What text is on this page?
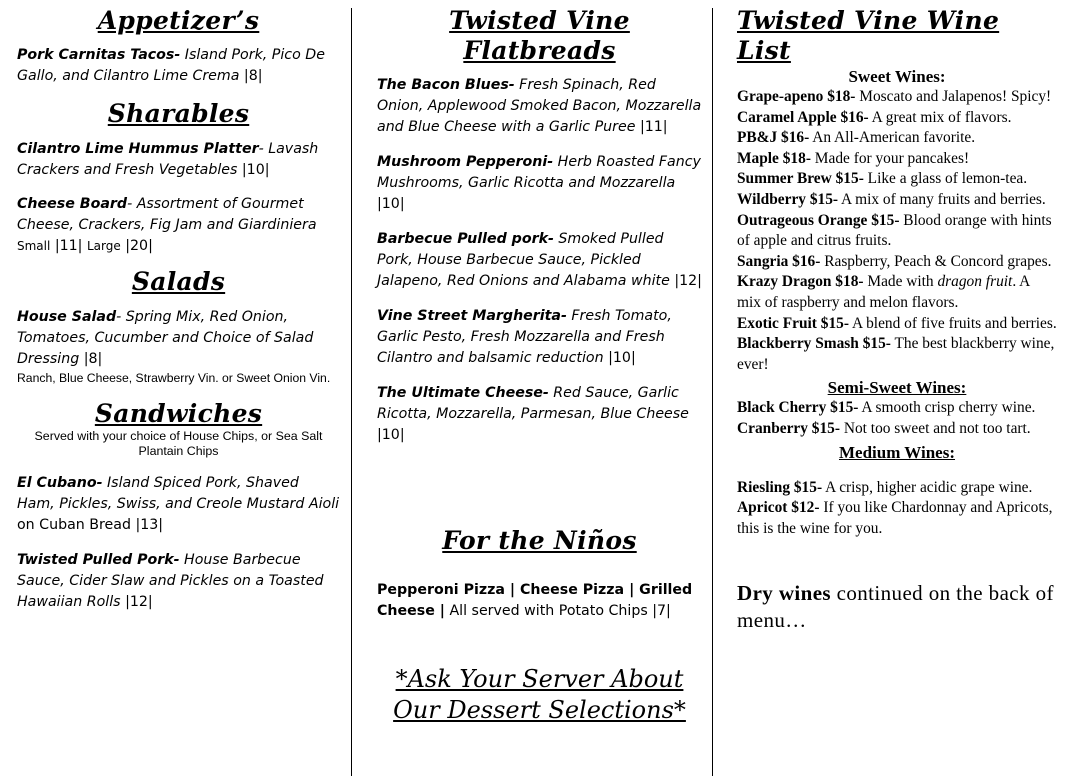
Appetizer’s

Pork Carnitas Tacos- Island Pork, Pico De Gallo, and Cilantro Lime Crema |8|

Sharables

Cilantro Lime Hummus Platter- Lavash Crackers and Fresh Vegetables |10|

Cheese Board- Assortment of Gourmet Cheese, Crackers, Fig Jam and Giardiniera
Small |11| Large |20|

Salads

House Salad- Spring Mix, Red Onion, Tomatoes, Cucumber and Choice of Salad Dressing |8|

Ranch, Blue Cheese, Strawberry Vin. or Sweet Onion Vin.

Sandwiches

Served with your choice of House Chips, or Sea Salt Plantain Chips

El Cubano- Island Spiced Pork, Shaved Ham, Pickles, Swiss, and Creole Mustard Aioli on Cuban Bread |13|

Twisted Pulled Pork- House Barbecue Sauce, Cider Slaw and Pickles on a Toasted Hawaiian Rolls |12|

Twisted Vine Flatbreads

The Bacon Blues- Fresh Spinach, Red Onion, Applewood Smoked Bacon, Mozzarella and Blue Cheese with a Garlic Puree |11|

Mushroom Pepperoni- Herb Roasted Fancy Mushrooms, Garlic Ricotta and Mozzarella |10|

Barbecue Pulled pork- Smoked Pulled Pork, House Barbecue Sauce, Pickled Jalapeno, Red Onions and Alabama white |12|

Vine Street Margherita- Fresh Tomato, Garlic Pesto, Fresh Mozzarella and Fresh Cilantro and balsamic reduction |10|

The Ultimate Cheese- Red Sauce, Garlic Ricotta, Mozzarella, Parmesan, Blue Cheese |10|

For the Niños

Pepperoni Pizza | Cheese Pizza | Grilled Cheese | All served with Potato Chips |7|

*Ask Your Server About

Our Dessert Selections*

Twisted Vine Wine List

Sweet Wines:

Grape-apeno $18- Moscato and Jalapenos! Spicy!

Caramel Apple $16- A great mix of flavors.

PB&J $16- An All-American favorite.

Maple $18- Made for your pancakes!

Summer Brew $15- Like a glass of lemon-tea.

Wildberry $15- A mix of many fruits and berries.

Outrageous Orange $15- Blood orange with hints of apple and citrus fruits.

Sangria $16- Raspberry, Peach & Concord grapes.

Krazy Dragon $18- Made with dragon fruit. A mix of raspberry and melon flavors.

Exotic Fruit $15- A blend of five fruits and berries.

Blackberry Smash $15- The best blackberry wine, ever!

Semi-Sweet Wines:

Black Cherry $15- A smooth crisp cherry wine.

Cranberry $15- Not too sweet and not too tart.

Medium Wines:

Riesling $15- A crisp, higher acidic grape wine.

Apricot $12- If you like Chardonnay and Apricots, this is the wine for you.

Dry wines continued on the back of menu…
